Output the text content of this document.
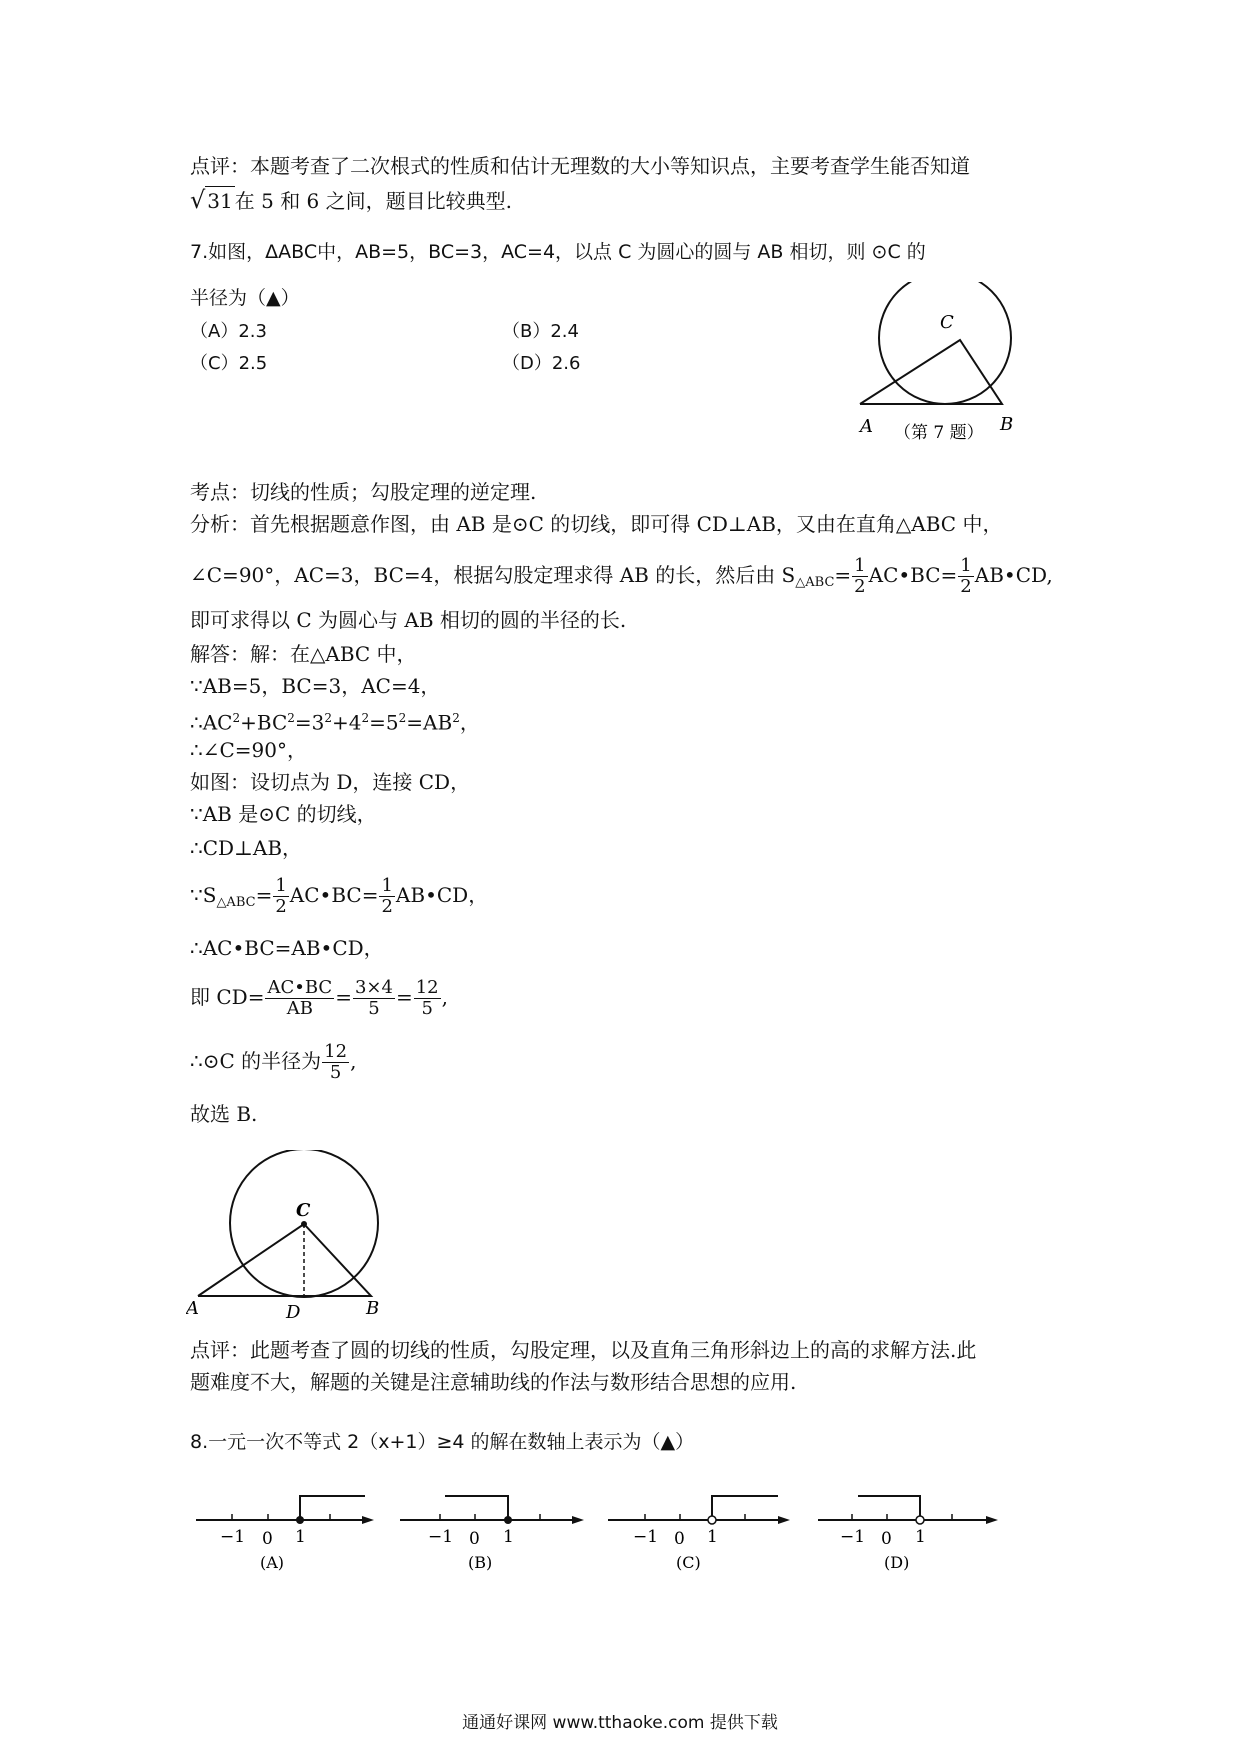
点评：本题考查了二次根式的性质和估计无理数的大小等知识点，主要考查学生能否知道
√ 31 在 5 和 6 之间，题目比较典型.
7.如图，ΔABC中，AB=5，BC=3，AC=4，以点 C 为圆心的圆与 AB 相切，则 ⊙C 的
半径为（▲）
（A）2.3	（B）2.4
（C）2.5	（D）2.6
C
A	B
（第 7 题）
考点：切线的性质；勾股定理的逆定理.
分析：首先根据题意作图，由 AB 是⊙C 的切线，即可得 CD⊥AB，又由在直角△ABC 中，
∠C=90°，AC=3，BC=4，根据勾股定理求得 AB 的长，然后由 $S_{\triangle ABC}= \frac{1}{2}$ AC•BC= $\frac{1}{2}$ AB•CD,
即可求得以 C 为圆心与 AB 相切的圆的半径的长.
解答：解：在△ABC 中，
∵AB=5，BC=3，AC=4，
$\therefore AC^2+BC^2=3^2+4^2=5^2=AB^2$，
∴∠C=90°，
如图：设切点为 D，连接 CD，
∵AB 是⊙C 的切线，
∴CD⊥AB，
$\because S_{\triangle ABC}= \frac{1}{2}$ AC•BC= $\frac{1}{2}$ AB•CD，
∴AC•BC=AB•CD，
即 $CD= \frac{AC•BC}{AB} = \frac{3\times 4}{5} = \frac{12}{5}$ ,
∴⊙C 的半径为 $\frac{12}{5}$ ,
故选 B.
C
A	B
D
点评：此题考查了圆的切线的性质，勾股定理，以及直角三角形斜边上的高的求解方法.此
题难度不大，解题的关键是注意辅助线的作法与数形结合思想的应用.
8.一元一次不等式 2（x+1）≥4 的解在数轴上表示为（▲）
−1 0 1
(A)
−1 0 1
(B)
−1 0 1
(C)
−1 0 1
(D)
通通好课网 www.tthaoke.com 提供下载
